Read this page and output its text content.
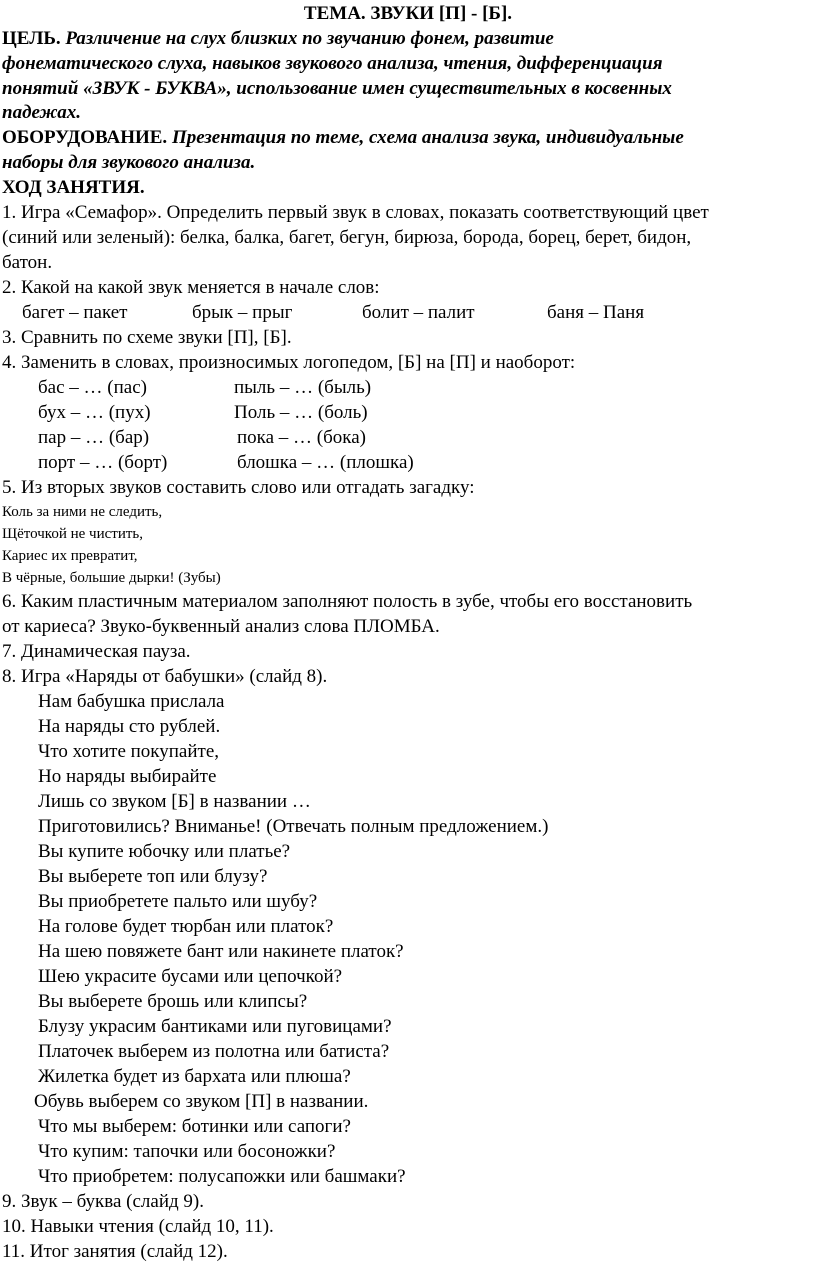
ТЕМА. ЗВУКИ [П] - [Б].
ЦЕЛЬ. Различение на слух близких по звучанию фонем, развитие
фонематического слуха, навыков звукового анализа, чтения, дифференциация
понятий «ЗВУК - БУКВА», использование имен существительных в косвенных
падежах.
ОБОРУДОВАНИЕ. Презентация по теме, схема анализа звука, индивидуальные
наборы для звукового анализа.
ХОД ЗАНЯТИЯ.
1. Игра «Семафор». Определить первый звук в словах, показать соответствующий цвет
(синий или зеленый): белка, балка, багет, бегун, бирюза, борода, борец, берет, бидон,
батон.
2. Какой на какой звук меняется в начале слов:
багет – пакет	брык – прыг	болит – палит	баня – Паня
3. Сравнить по схеме звуки [П], [Б].
4. Заменить в словах, произносимых логопедом, [Б] на [П] и наоборот:
бас – … (пас)	пыль – … (быль)
бух – … (пух)	Поль – … (боль)
пар – … (бар)	пока – … (бока)
порт – … (борт)	блошка – … (плошка)
5. Из вторых звуков составить слово или отгадать загадку:
Коль за ними не следить,
Щёточкой не чистить,
Кариес их превратит,
В чёрные, большие дырки! (Зубы)
6. Каким пластичным материалом заполняют полость в зубе, чтобы его восстановить
от кариеса? Звуко-буквенный анализ слова ПЛОМБА.
7. Динамическая пауза.
8. Игра «Наряды от бабушки» (слайд 8).
Нам бабушка прислала
На наряды сто рублей.
Что хотите покупайте,
Но наряды выбирайте
Лишь со звуком [Б] в названии …
Приготовились? Вниманье! (Отвечать полным предложением.)
Вы купите юбочку или платье?
Вы выберете топ или блузу?
Вы приобретете пальто или шубу?
На голове будет тюрбан или платок?
На шею повяжете бант или накинете платок?
Шею украсите бусами или цепочкой?
Вы выберете брошь или клипсы?
Блузу украсим бантиками или пуговицами?
Платочек выберем из полотна или батиста?
Жилетка будет из бархата или плюша?
Обувь выберем со звуком [П] в названии.
Что мы выберем: ботинки или сапоги?
Что купим: тапочки или босоножки?
Что приобретем: полусапожки или башмаки?
9. Звук – буква (слайд 9).
10. Навыки чтения (слайд 10, 11).
11. Итог занятия (слайд 12).
